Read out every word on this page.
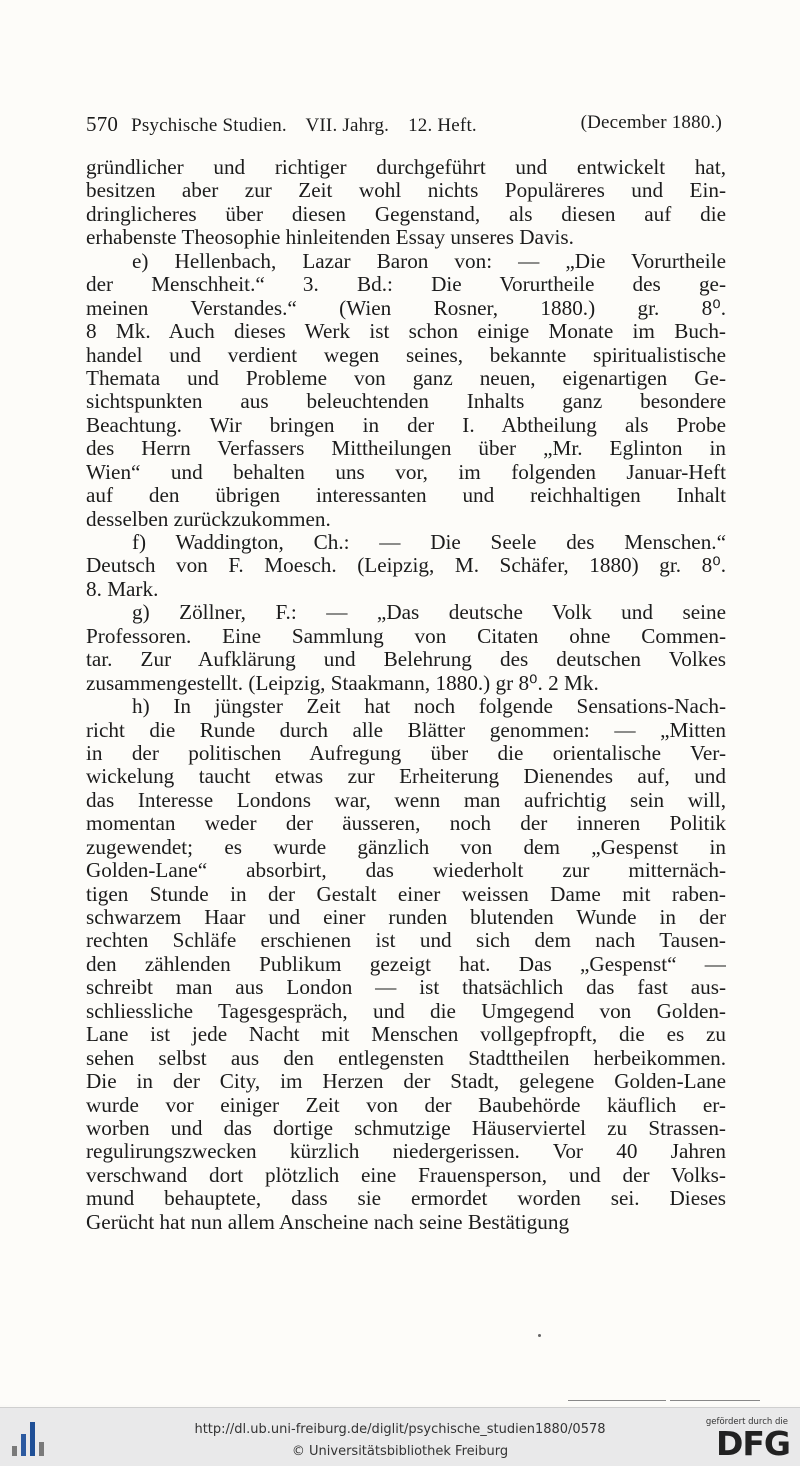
570 Psychische Studien. VII. Jahrg. 12. Heft.	(December 1880.)
gründlicher und richtiger durchgeführt und entwickelt hat,
besitzen aber zur Zeit wohl nichts Populäreres und Ein-
dringlicheres über diesen Gegenstand, als diesen auf die
erhabenste Theosophie hinleitenden Essay unseres Davis.
e) Hellenbach, Lazar Baron von: — „Die Vorurtheile
der Menschheit.“ 3. Bd.: Die Vorurtheile des ge-
meinen Verstandes.“ (Wien Rosner, 1880.) gr. 8⁰.
8 Mk. Auch dieses Werk ist schon einige Monate im Buch-
handel und verdient wegen seines, bekannte spiritualistische
Themata und Probleme von ganz neuen, eigenartigen Ge-
sichtspunkten aus beleuchtenden Inhalts ganz besondere
Beachtung. Wir bringen in der I. Abtheilung als Probe
des Herrn Verfassers Mittheilungen über „Mr. Eglinton in
Wien“ und behalten uns vor, im folgenden Januar-Heft
auf den übrigen interessanten und reichhaltigen Inhalt
desselben zurückzukommen.
f) Waddington, Ch.: — Die Seele des Menschen.“
Deutsch von F. Moesch. (Leipzig, M. Schäfer, 1880) gr. 8⁰.
8. Mark.
g) Zöllner, F.: — „Das deutsche Volk und seine
Professoren. Eine Sammlung von Citaten ohne Commen-
tar. Zur Aufklärung und Belehrung des deutschen Volkes
zusammengestellt. (Leipzig, Staakmann, 1880.) gr 8⁰. 2 Mk.
h) In jüngster Zeit hat noch folgende Sensations-Nach-
richt die Runde durch alle Blätter genommen: — „Mitten
in der politischen Aufregung über die orientalische Ver-
wickelung taucht etwas zur Erheiterung Dienendes auf, und
das Interesse Londons war, wenn man aufrichtig sein will,
momentan weder der äusseren, noch der inneren Politik
zugewendet; es wurde gänzlich von dem „Gespenst in
Golden-Lane“ absorbirt, das wiederholt zur mitternäch-
tigen Stunde in der Gestalt einer weissen Dame mit raben-
schwarzem Haar und einer runden blutenden Wunde in der
rechten Schläfe erschienen ist und sich dem nach Tausen-
den zählenden Publikum gezeigt hat. Das „Gespenst“ —
schreibt man aus London — ist thatsächlich das fast aus-
schliessliche Tagesgespräch, und die Umgegend von Golden-
Lane ist jede Nacht mit Menschen vollgepfropft, die es zu
sehen selbst aus den entlegensten Stadttheilen herbeikommen.
Die in der City, im Herzen der Stadt, gelegene Golden-Lane
wurde vor einiger Zeit von der Baubehörde käuflich er-
worben und das dortige schmutzige Häuserviertel zu Strassen-
regulirungszwecken kürzlich niedergerissen. Vor 40 Jahren
verschwand dort plötzlich eine Frauensperson, und der Volks-
mund behauptete, dass sie ermordet worden sei. Dieses
Gerücht hat nun allem Anscheine nach seine Bestätigung
http://dl.ub.uni-freiburg.de/diglit/psychische_studien1880/0578
© Universitätsbibliothek Freiburg
gefördert durch die
DFG
